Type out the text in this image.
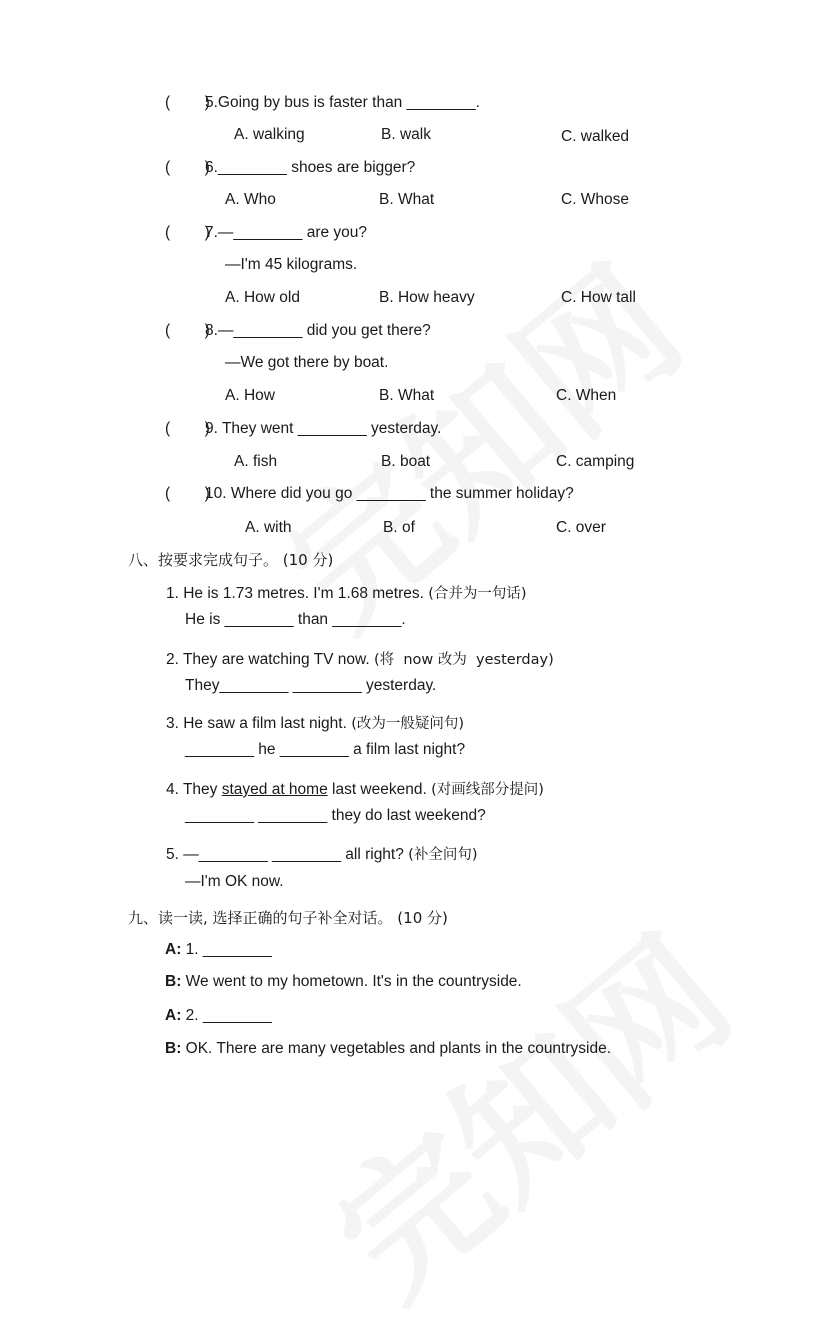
(        )
5.Going by bus is faster than ________.
A. walking	B. walk	C. walked
(        )
6.________ shoes are bigger?
A. Who	B. What	C. Whose
(        )
7.—________ are you?
—I'm 45 kilograms.
A. How old	B. How heavy	C. How tall
(        )
8.—________ did you get there?
—We got there by boat.
A. How	B. What	C. When
(        )
9. They went ________ yesterday.
A. fish	B. boat	C. camping
(        )
10. Where did you go ________ the summer holiday?
A. with	B. of	C. over
八、按要求完成句子。 (10 分)
1. He is 1.73 metres. I'm 1.68 metres. (合并为一句话)
He is ________ than ________.
2. They are watching TV now. (将  now 改为  yesterday)
They________ ________ yesterday.
3. He saw a film last night. (改为一般疑问句)
________ he ________ a film last night?
4. They stayed at home last weekend. (对画线部分提问)
________ ________ they do last weekend?
5. —________ ________ all right? (补全问句)
—I'm OK now.
九、读一读, 选择正确的句子补全对话。 (10 分)
A: 1. ________
B: We went to my hometown. It's in the countryside.
A: 2. ________
B: OK. There are many vegetables and plants in the countryside.
